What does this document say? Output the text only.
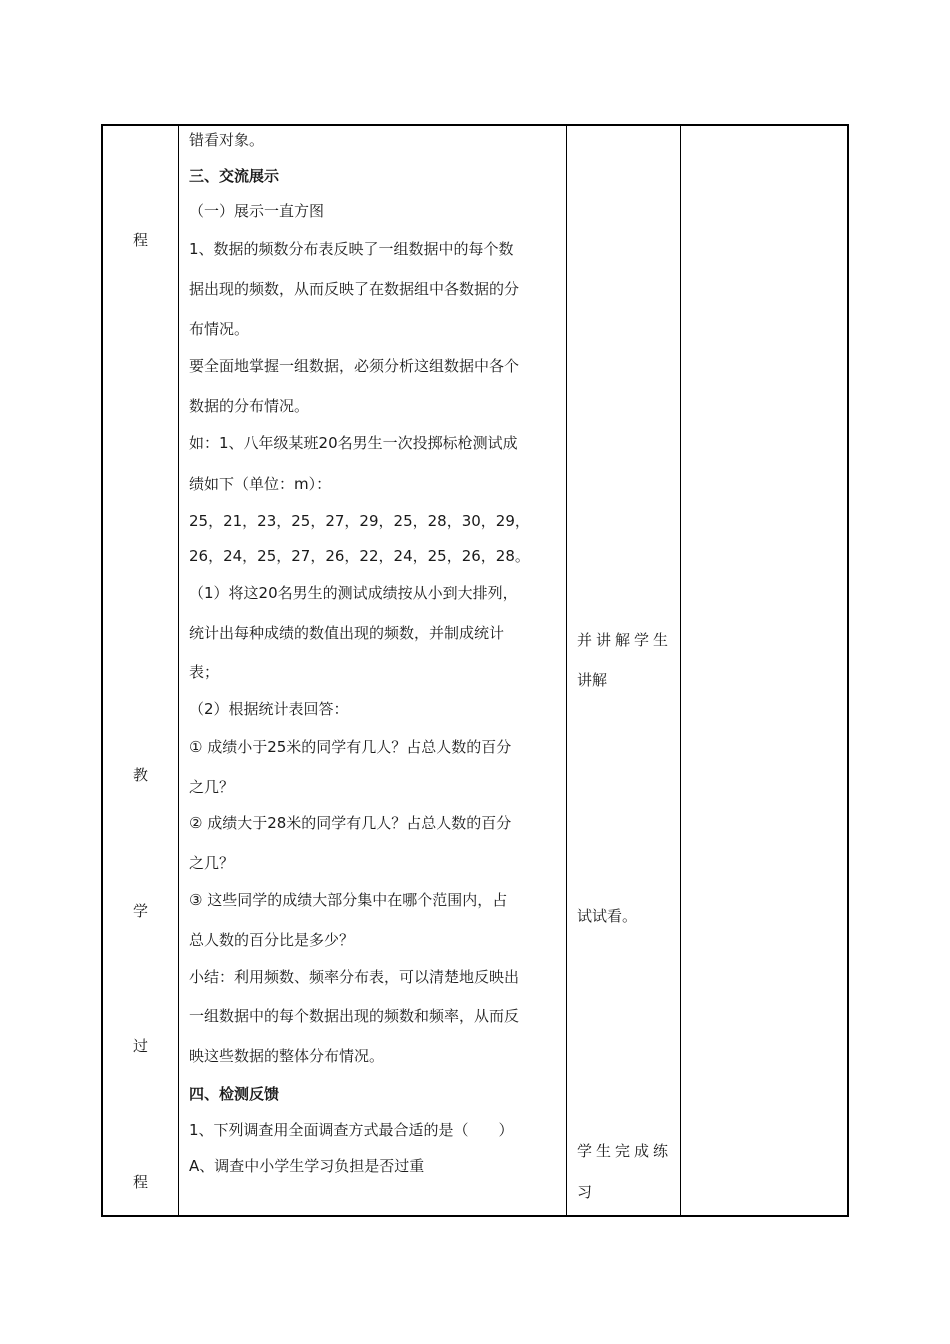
程
教
学
过
程
错看对象。
三、交流展示
（一）展示一直方图
1、数据的频数分布表反映了一组数据中的每个数
据出现的频数，从而反映了在数据组中各数据的分
布情况。
要全面地掌握一组数据，必须分析这组数据中各个
数据的分布情况。
如：1、八年级某班20名男生一次投掷标枪测试成
绩如下（单位：m）：
25，21，23，25，27，29，25，28，30，29，
26，24，25，27，26，22，24，25，26，28。
（1）将这20名男生的测试成绩按从小到大排列，
统计出每种成绩的数值出现的频数，并制成统计
表；
（2）根据统计表回答：
① 成绩小于25米的同学有几人？占总人数的百分
之几？
② 成绩大于28米的同学有几人？占总人数的百分
之几？
③ 这些同学的成绩大部分集中在哪个范围内，占
总人数的百分比是多少？
小结：利用频数、频率分布表，可以清楚地反映出
一组数据中的每个数据出现的频数和频率，从而反
映这些数据的整体分布情况。
四、检测反馈
1、下列调查用全面调查方式最合适的是（　　）
A、调查中小学生学习负担是否过重
并讲解学生
讲解
试试看。
学生完成练
习
